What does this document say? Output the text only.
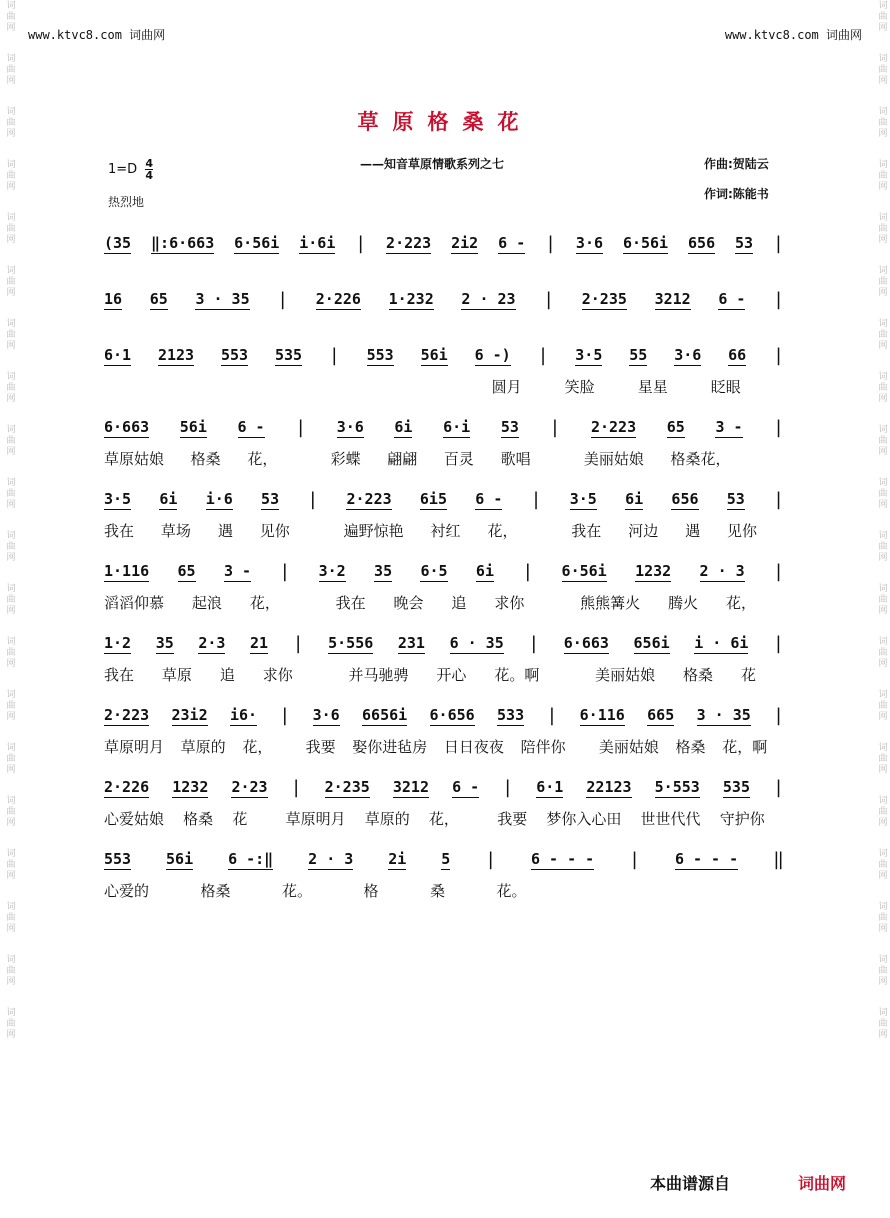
词曲网
词曲网
词曲网
词曲网
词曲网
词曲网
词曲网
词曲网
词曲网
词曲网
词曲网
词曲网
词曲网
词曲网
词曲网
词曲网
词曲网
词曲网
词曲网
词曲网
词曲网
词曲网
词曲网
词曲网
词曲网
词曲网
词曲网
词曲网
词曲网
词曲网
词曲网
词曲网
词曲网
词曲网
词曲网
词曲网
词曲网
词曲网
词曲网
词曲网
www.ktvc8.com 词曲网	www.ktvc8.com 词曲网
草原格桑花
$1=D \frac{4}{4}$	——知音草原情歌系列之七	作曲:贺陆云
作词:陈能书
热烈地
(35 ‖:6·663 6·56i i·6i | 2·223 2i2 6 - | 3·6 6·56i 656 53 |
16 65 3 · 35 | 2·226 1·232 2 · 23 | 2·235 3212 6 - |
6·1 2123 553 535 | 553 56i 6 -) | 3·5 55 3·6 66 |
圆月	笑脸	星星	眨眼
6·663 56i 6 - | 3·6 6i 6·i 53 | 2·223 65 3 - |
草原姑娘 格桑 花，	彩蝶 翩翩 百灵 歌唱	美丽姑娘 格桑花，
3·5 6i i·6 53 | 2·223 6i5 6 - | 3·5 6i 656 53 |
我在 草场 遇 见你	遍野惊艳 衬红 花，	我在 河边 遇 见你
1·116 65 3 - | 3·2 35 6·5 6i | 6·56i 1232 2 · 3 |
滔滔仰慕 起浪 花，	我在 晚会 追 求你	熊熊篝火 腾火 花，
1·2 35 2·3 21 | 5·556 231 6 · 35 | 6·663 656i i · 6i |
我在 草原 追 求你	并马驰骋 开心 花。啊	美丽姑娘 格桑 花
2·223 23i2 i6· | 3·6 6656i 6·656 533 | 6·116 665 3 · 35 |
草原明月 草原的 花， 我要 娶你进毡房 日日夜夜 陪伴你 美丽姑娘 格桑 花，啊
2·226 1232 2·23 | 2·235 3212 6 - | 6·1 22123 5·553 535 |
心爱姑娘 格桑 花	草原明月 草原的 花，	我要 梦你入心田 世世代代 守护你
553 56i 6 -:‖ 2 · 3 2i 5 | 6 - - - | 6 - - - ‖
心爱的	格桑	花。	格	桑	花。
本曲谱源自	词曲网
